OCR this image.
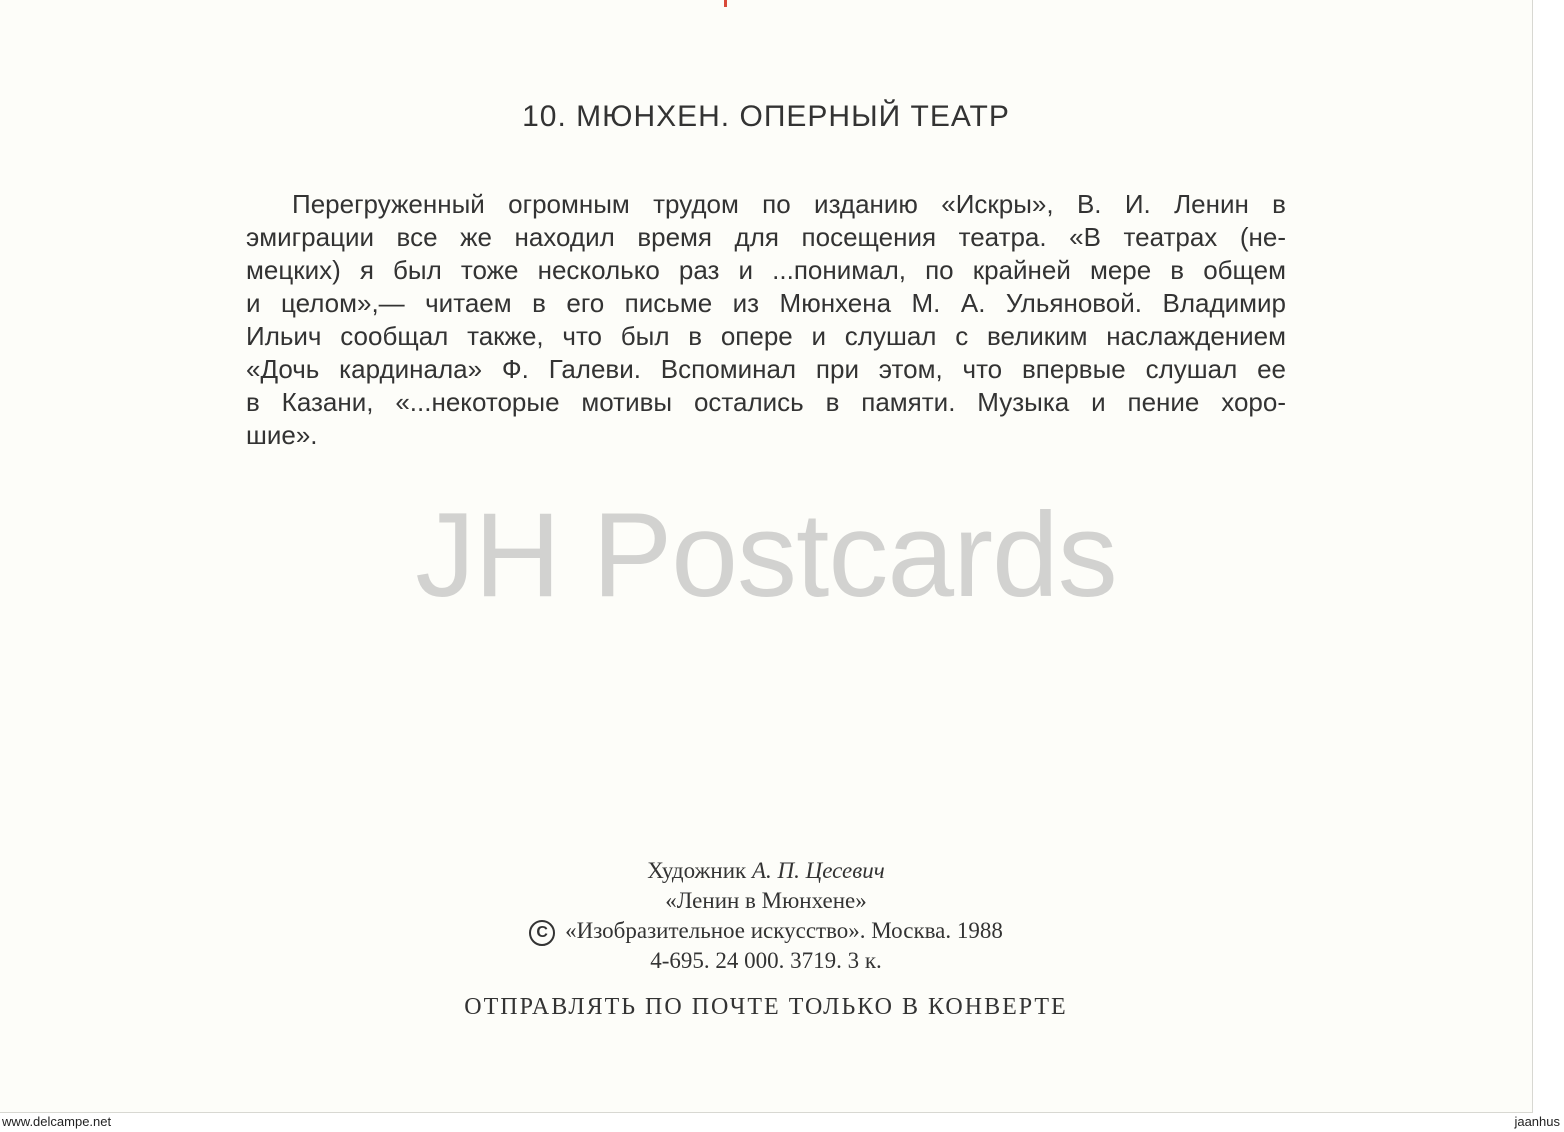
10. МЮНХЕН. ОПЕРНЫЙ ТЕАТР
Перегруженный огромным трудом по изданию «Искры», В. И. Ленин в
эмиграции все же находил время для посещения театра. «В театрах (не-
мецких) я был тоже несколько раз и ...понимал, по крайней мере в общем
и целом»,— читаем в его письме из Мюнхена М. А. Ульяновой. Владимир
Ильич сообщал также, что был в опере и слушал с великим наслаждением
«Дочь кардинала» Ф. Галеви. Вспоминал при этом, что впервые слушал ее
в Казани, «...некоторые мотивы остались в памяти. Музыка и пение хоро-
шие».
JH Postcards
Художник А. П. Цесевич
«Ленин в Мюнхене»
C «Изобразительное искусство». Москва. 1988
4-695. 24 000. 3719. 3 к.
ОТПРАВЛЯТЬ ПО ПОЧТЕ ТОЛЬКО В КОНВЕРТЕ
www.delcampe.net	jaanhus
